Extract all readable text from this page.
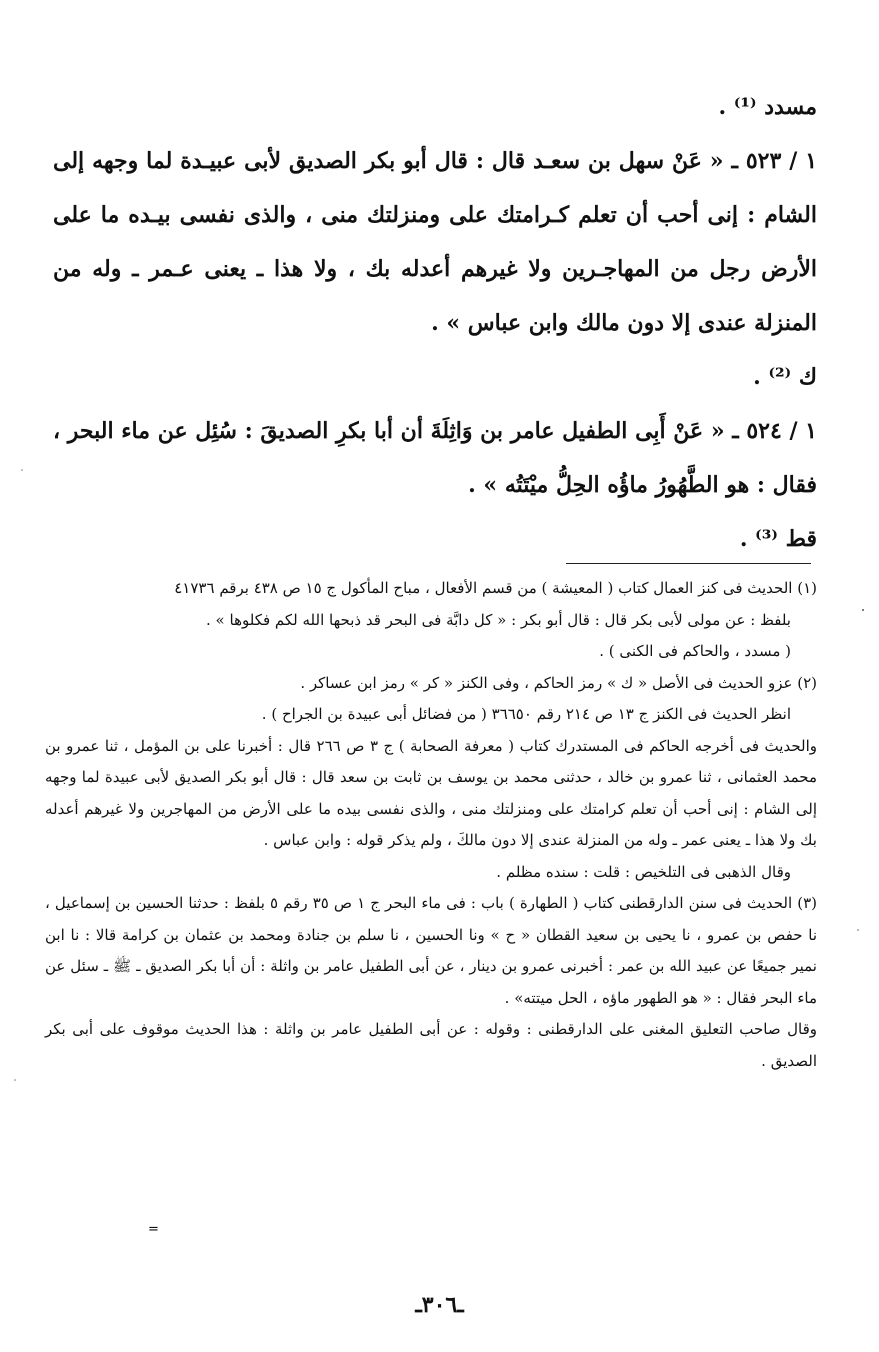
مسدد ⁽¹⁾ .

١ / ٥٢٣ ـ « عَنْ سهل بن سعـد قال : قال أبو بكر الصديق لأبى عبيـدة لما وجهه إلى الشام : إنى أحب أن تعلم كـرامتك على ومنزلتك منى ، والذى نفسى بيـده ما على الأرض رجل من المهاجـرين ولا غيرهم أعدله بك ، ولا هذا ـ يعنى عـمر ـ وله من المنزلة عندى إلا دون مالك وابن عباس » .

ك ⁽²⁾ .

١ / ٥٢٤ ـ « عَنْ أَبِى الطفيل عامر بن وَاثِلَةَ أن أبا بكرِ الصديقَ : سُئِل عن ماء البحر ، فقال : هو الطَّهُورُ ماؤُه الحِلُّ ميْتَتُه » .

قط ⁽³⁾ .

(١) الحديث فى كنز العمال كتاب ( المعيشة ) من قسم الأفعال ، مباح المأكول ج ١٥ ص ٤٣٨ برقم ٤١٧٣٦

بلفظ : عن مولى لأبى بكر قال : قال أبو بكر : « كل دابَّة فى البحر قد ذبحها الله لكم فكلوها » .

( مسدد ، والحاكم فى الكنى ) .

(٢) عزو الحديث فى الأصل « ك » رمز الحاكم ، وفى الكنز « كر » رمز ابن عساكر .

انظر الحديث فى الكنز ج ١٣ ص ٢١٤ رقم ٣٦٦٥٠ ( من فضائل أبى عبيدة بن الجراح ) .

والحديث فى أخرجه الحاكم فى المستدرك كتاب ( معرفة الصحابة ) ج ٣ ص ٢٦٦ قال : أخبرنا على بن المؤمل ، ثنا عمرو بن محمد العثمانى ، ثنا عمرو بن خالد ، حدثنى محمد بن يوسف بن ثابت بن سعد قال : قال أبو بكر الصديق لأبى عبيدة لما وجهه إلى الشام : إنى أحب أن تعلم كرامتك على ومنزلتك منى ، والذى نفسى بيده ما على الأرض من المهاجرين ولا غيرهم أعدله بك ولا هذا ـ يعنى عمر ـ وله من المنزلة عندى إلا دون مالكَ ، ولم يذكر قوله : وابن عباس .

وقال الذهبى فى التلخيص : قلت : سنده مظلم .

(٣) الحديث فى سنن الدارقطنى كتاب ( الطهارة ) باب : فى ماء البحر ج ١ ص ٣٥ رقم ٥ بلفظ : حدثنا الحسين بن إسماعيل ، نا حفص بن عمرو ، نا يحيى بن سعيد القطان « ح » ونا الحسين ، نا سلم بن جنادة ومحمد بن عثمان بن كرامة قالا : نا ابن نمير جميعًا عن عبيد الله بن عمر : أخبرنى عمرو بن دينار ، عن أبى الطفيل عامر بن واثلة : أن أبا بكر الصديق ـ ﷺ ـ سئل عن ماء البحر فقال : « هو الطهور ماؤه ، الحل ميتته» .

وقال صاحب التعليق المغنى على الدارقطنى : وقوله : عن أبى الطفيل عامر بن واثلة : هذا الحديث موقوف على أبى بكر الصديق .

=
ـ٣٠٦ـ
